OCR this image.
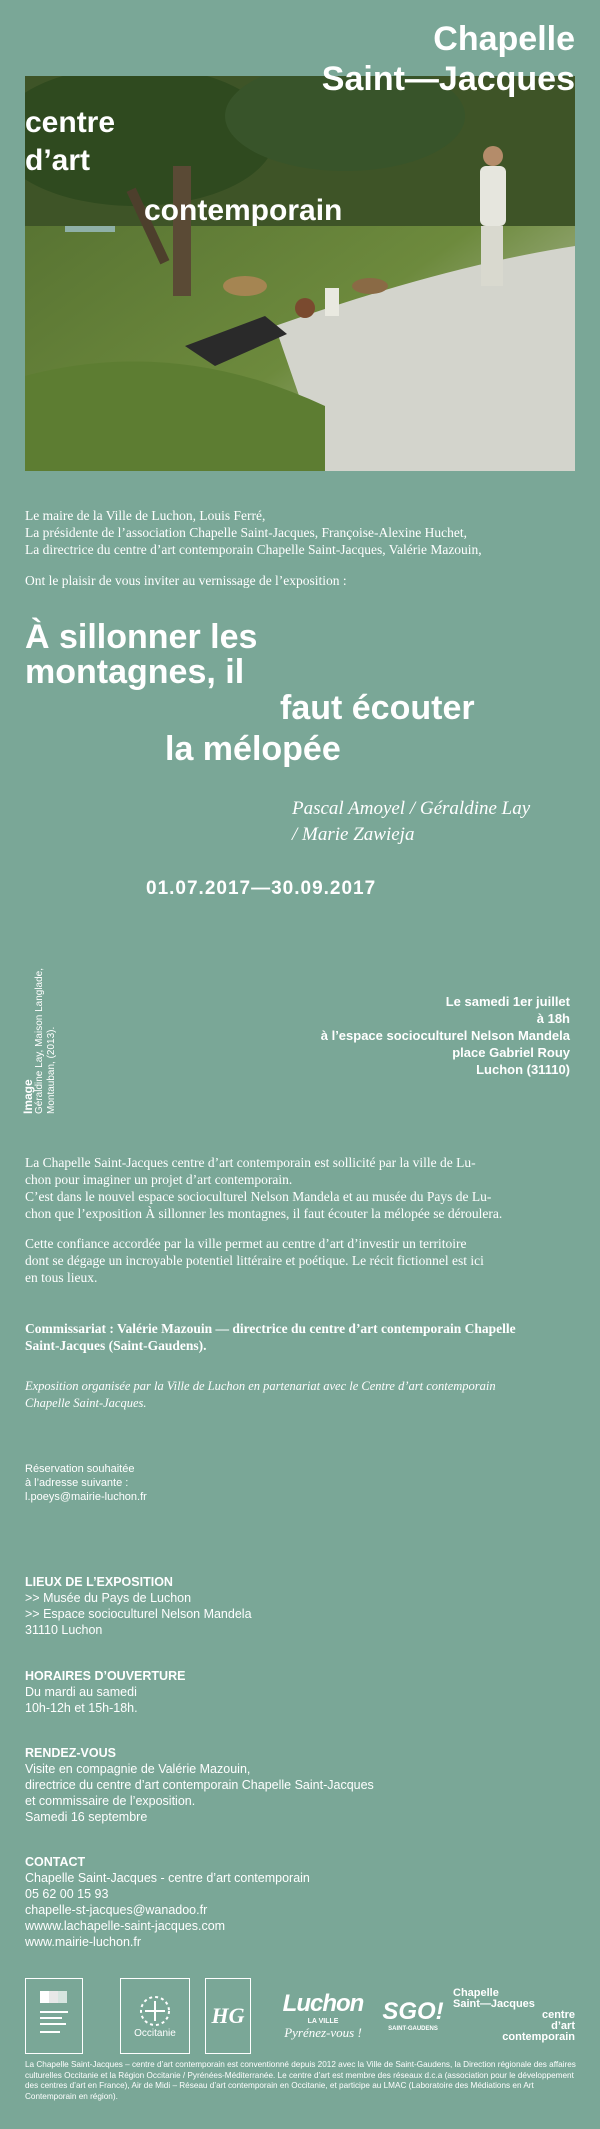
Chapelle
Saint—Jacques
centre
d’art
contemporain
Le maire de la Ville de Luchon, Louis Ferré,
La présidente de l’association Chapelle Saint-Jacques, Françoise-Alexine Huchet,
La directrice du centre d’art contemporain Chapelle Saint-Jacques, Valérie Mazouin,
Ont le plaisir de vous inviter au vernissage de l’exposition :
À sillonner les
montagnes, il
faut écouter
la mélopée
Pascal Amoyel / Géraldine Lay
/ Marie Zawieja
01.07.2017—30.09.2017
Image Géraldine Lay, Maison Langlade, Montauban, (2013).
Le samedi 1er juillet
à 18h
à l’espace socioculturel Nelson Mandela
place Gabriel Rouy
Luchon (31110)
La Chapelle Saint-Jacques centre d’art contemporain est sollicité par la ville de Lu-
chon pour imaginer un projet d’art contemporain.
C’est dans le nouvel espace socioculturel Nelson Mandela et au musée du Pays de Lu-
chon que l’exposition À sillonner les montagnes, il faut écouter la mélopée se déroulera.
Cette confiance accordée par la ville permet au centre d’art d’investir un territoire
dont se dégage un incroyable potentiel littéraire et poétique. Le récit fictionnel est ici
en tous lieux.
Commissariat : Valérie Mazouin — directrice du centre d’art contemporain Chapelle
Saint-Jacques (Saint-Gaudens).
Exposition organisée par la Ville de Luchon en partenariat avec le Centre d’art contemporain
Chapelle Saint-Jacques.
Réservation souhaitée
à l’adresse suivante :
l.poeys@mairie-luchon.fr
LIEUX DE L’EXPOSITION
>> Musée du Pays de Luchon
>> Espace socioculturel Nelson Mandela
31110 Luchon
HORAIRES D’OUVERTURE
Du mardi au samedi
10h-12h et 15h-18h.
RENDEZ-VOUS
Visite en compagnie de Valérie Mazouin,
directrice du centre d’art contemporain Chapelle Saint-Jacques
et commissaire de l’exposition.
Samedi 16 septembre
CONTACT
Chapelle Saint-Jacques - centre d’art contemporain
05 62 00 15 93
chapelle-st-jacques@wanadoo.fr
wwww.lachapelle-saint-jacques.com
www.mairie-luchon.fr
Occitanie
HG Luchon
LA VILLE
Pyrénez-vous !
SGO!
SAINT-GAUDENS
Chapelle
Saint—Jacques
centre
d’art
contemporain
La Chapelle Saint-Jacques – centre d’art contemporain est conventionné depuis 2012 avec la Ville de Saint-Gaudens, la Direction régionale des affaires culturelles Occitanie et la Région Occitanie / Pyrénées-Méditerranée. Le centre d’art est membre des réseaux d.c.a (association pour le développement des centres d’art en France), Air de Midi – Réseau d’art contemporain en Occitanie, et participe au LMAC (Laboratoire des Médiations en Art Contemporain en région).
